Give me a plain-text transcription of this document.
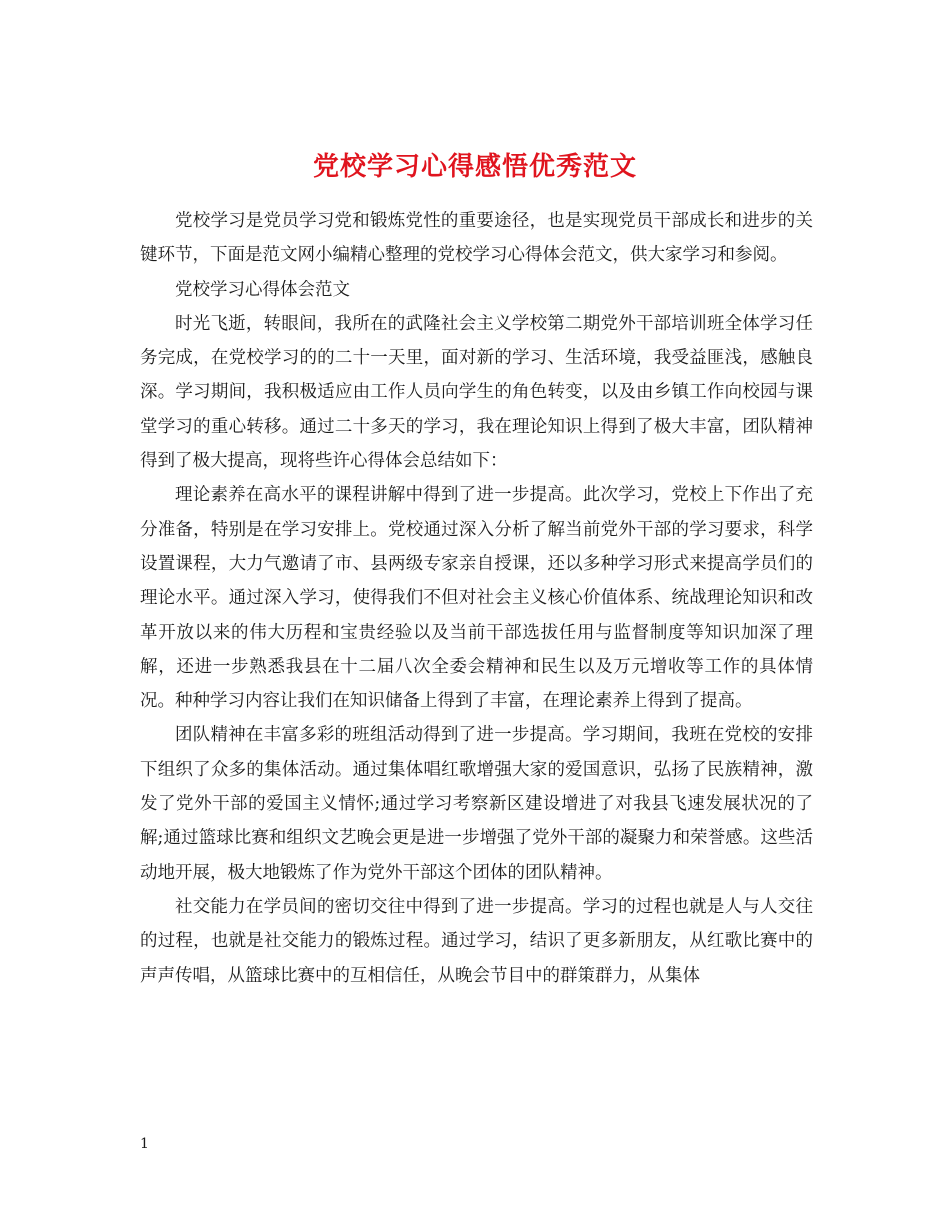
党校学习心得感悟优秀范文

党校学习是党员学习党和锻炼党性的重要途径，也是实现党员干部成长和进步的关键环节，下面是范文网小编精心整理的党校学习心得体会范文，供大家学习和参阅。

党校学习心得体会范文

时光飞逝，转眼间，我所在的武隆社会主义学校第二期党外干部培训班全体学习任务完成，在党校学习的的二十一天里，面对新的学习、生活环境，我受益匪浅，感触良深。学习期间，我积极适应由工作人员向学生的角色转变，以及由乡镇工作向校园与课堂学习的重心转移。通过二十多天的学习，我在理论知识上得到了极大丰富，团队精神得到了极大提高，现将些许心得体会总结如下：

理论素养在高水平的课程讲解中得到了进一步提高。此次学习，党校上下作出了充分准备，特别是在学习安排上。党校通过深入分析了解当前党外干部的学习要求，科学设置课程，大力气邀请了市、县两级专家亲自授课，还以多种学习形式来提高学员们的理论水平。通过深入学习，使得我们不但对社会主义核心价值体系、统战理论知识和改革开放以来的伟大历程和宝贵经验以及当前干部选拔任用与监督制度等知识加深了理解，还进一步熟悉我县在十二届八次全委会精神和民生以及万元增收等工作的具体情况。种种学习内容让我们在知识储备上得到了丰富，在理论素养上得到了提高。

团队精神在丰富多彩的班组活动得到了进一步提高。学习期间，我班在党校的安排下组织了众多的集体活动。通过集体唱红歌增强大家的爱国意识，弘扬了民族精神，激发了党外干部的爱国主义情怀;通过学习考察新区建设增进了对我县飞速发展状况的了解;通过篮球比赛和组织文艺晚会更是进一步增强了党外干部的凝聚力和荣誉感。这些活动地开展，极大地锻炼了作为党外干部这个团体的团队精神。

社交能力在学员间的密切交往中得到了进一步提高。学习的过程也就是人与人交往的过程，也就是社交能力的锻炼过程。通过学习，结识了更多新朋友，从红歌比赛中的声声传唱，从篮球比赛中的互相信任，从晚会节目中的群策群力，从集体

1
